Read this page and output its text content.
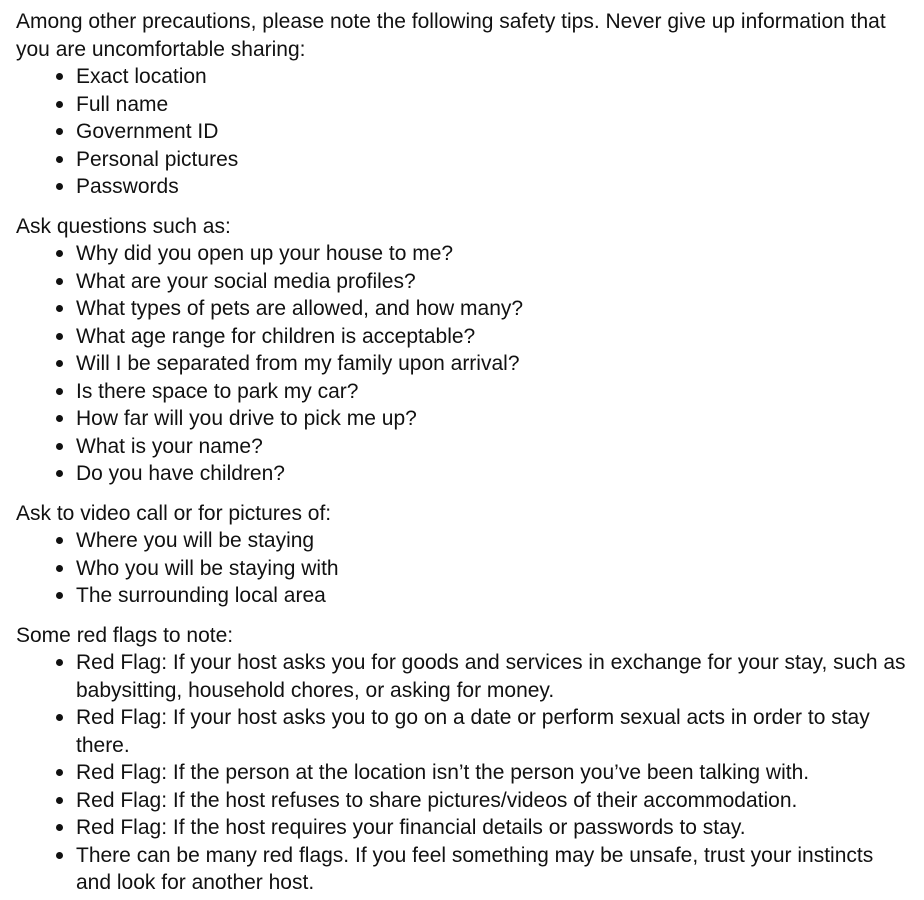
Among other precautions, please note the following safety tips. Never give up information that you are uncomfortable sharing:

Exact location
Full name
Government ID
Personal pictures
Passwords

Ask questions such as:

Why did you open up your house to me?
What are your social media profiles?
What types of pets are allowed, and how many?
What age range for children is acceptable?
Will I be separated from my family upon arrival?
Is there space to park my car?
How far will you drive to pick me up?
What is your name?
Do you have children?

Ask to video call or for pictures of:

Where you will be staying
Who you will be staying with
The surrounding local area

Some red flags to note:

Red Flag: If your host asks you for goods and services in exchange for your stay, such as babysitting, household chores, or asking for money.
Red Flag: If your host asks you to go on a date or perform sexual acts in order to stay there.
Red Flag: If the person at the location isn’t the person you’ve been talking with.
Red Flag: If the host refuses to share pictures/videos of their accommodation.
Red Flag: If the host requires your financial details or passwords to stay.
There can be many red flags. If you feel something may be unsafe, trust your instincts and look for another host.
